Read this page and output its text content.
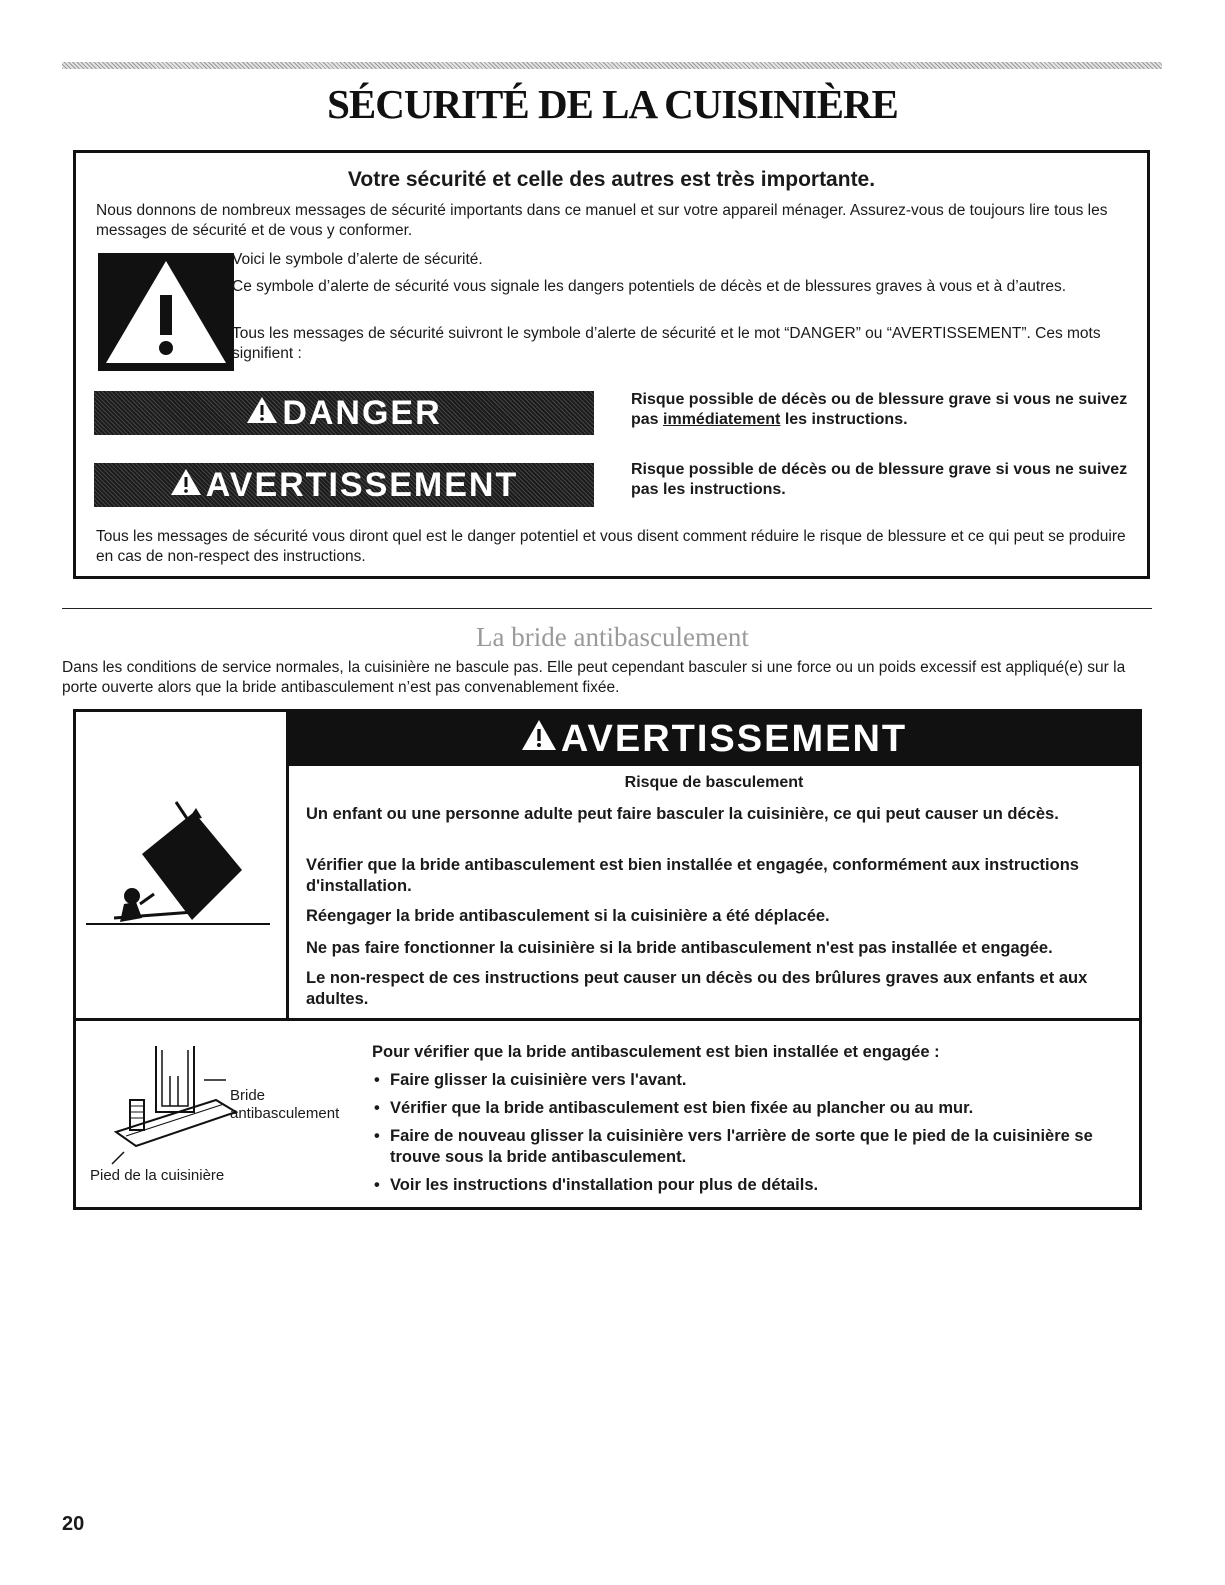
SÉCURITÉ DE LA CUISINIÈRE
Votre sécurité et celle des autres est très importante.
Nous donnons de nombreux messages de sécurité importants dans ce manuel et sur votre appareil ménager. Assurez-vous de toujours lire tous les messages de sécurité et de vous y conformer.
Voici le symbole d’alerte de sécurité.
Ce symbole d’alerte de sécurité vous signale les dangers potentiels de décès et de blessures graves à vous et à d’autres.
Tous les messages de sécurité suivront le symbole d’alerte de sécurité et le mot “DANGER” ou “AVERTISSEMENT”. Ces mots signifient :
DANGER	Risque possible de décès ou de blessure grave si vous ne suivez pas immédiatement les instructions.
AVERTISSEMENT	Risque possible de décès ou de blessure grave si vous ne suivez pas les instructions.
Tous les messages de sécurité vous diront quel est le danger potentiel et vous disent comment réduire le risque de blessure et ce qui peut se produire en cas de non-respect des instructions.
La bride antibasculement
Dans les conditions de service normales, la cuisinière ne bascule pas. Elle peut cependant basculer si une force ou un poids excessif est appliqué(e) sur la porte ouverte alors que la bride antibasculement n’est pas convenablement fixée.
AVERTISSEMENT
Risque de basculement
Un enfant ou une personne adulte peut faire basculer la cuisinière, ce qui peut causer un décès.
Vérifier que la bride antibasculement est bien installée et engagée, conformément aux instructions d'installation.
Réengager la bride antibasculement si la cuisinière a été déplacée.
Ne pas faire fonctionner la cuisinière si la bride antibasculement n'est pas installée et engagée.
Le non-respect de ces instructions peut causer un décès ou des brûlures graves aux enfants et aux adultes.
Bride
antibasculement
Pied de la cuisinière
Pour vérifier que la bride antibasculement est bien installée et engagée :
• Faire glisser la cuisinière vers l'avant.
• Vérifier que la bride antibasculement est bien fixée au plancher ou au mur.
• Faire de nouveau glisser la cuisinière vers l'arrière de sorte que le pied de la cuisinière se trouve sous la bride antibasculement.
• Voir les instructions d'installation pour plus de détails.
20
